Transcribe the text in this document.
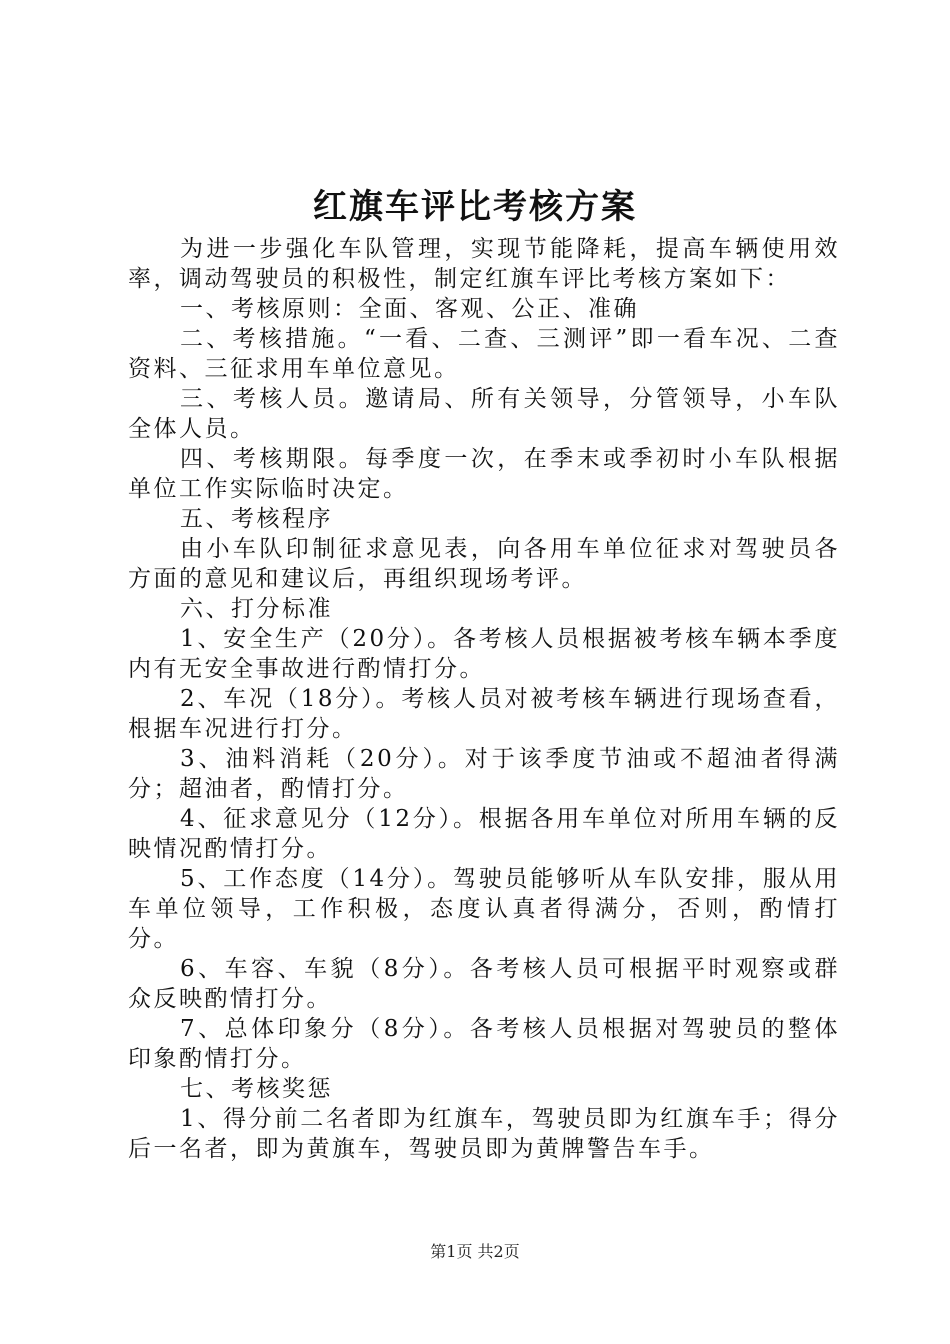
红旗车评比考核方案

为进一步强化车队管理，实现节能降耗，提高车辆使用效率，调动驾驶员的积极性，制定红旗车评比考核方案如下：

一、考核原则：全面、客观、公正、准确

二、考核措施。“一看、二查、三测评”即一看车况、二查资料、三征求用车单位意见。

三、考核人员。邀请局、所有关领导，分管领导，小车队全体人员。

四、考核期限。每季度一次，在季末或季初时小车队根据单位工作实际临时决定。

五、考核程序

由小车队印制征求意见表，向各用车单位征求对驾驶员各方面的意见和建议后，再组织现场考评。

六、打分标准

1、安全生产（20分）。各考核人员根据被考核车辆本季度内有无安全事故进行酌情打分。

2、车况（18分）。考核人员对被考核车辆进行现场查看，根据车况进行打分。

3、油料消耗（20分）。对于该季度节油或不超油者得满分；超油者，酌情打分。

4、征求意见分（12分）。根据各用车单位对所用车辆的反映情况酌情打分。

5、工作态度（14分）。驾驶员能够听从车队安排，服从用车单位领导，工作积极，态度认真者得满分，否则，酌情打分。

6、车容、车貌（8分）。各考核人员可根据平时观察或群众反映酌情打分。

7、总体印象分（8分）。各考核人员根据对驾驶员的整体印象酌情打分。

七、考核奖惩

1、得分前二名者即为红旗车，驾驶员即为红旗车手；得分后一名者，即为黄旗车，驾驶员即为黄牌警告车手。

第1页 共2页
